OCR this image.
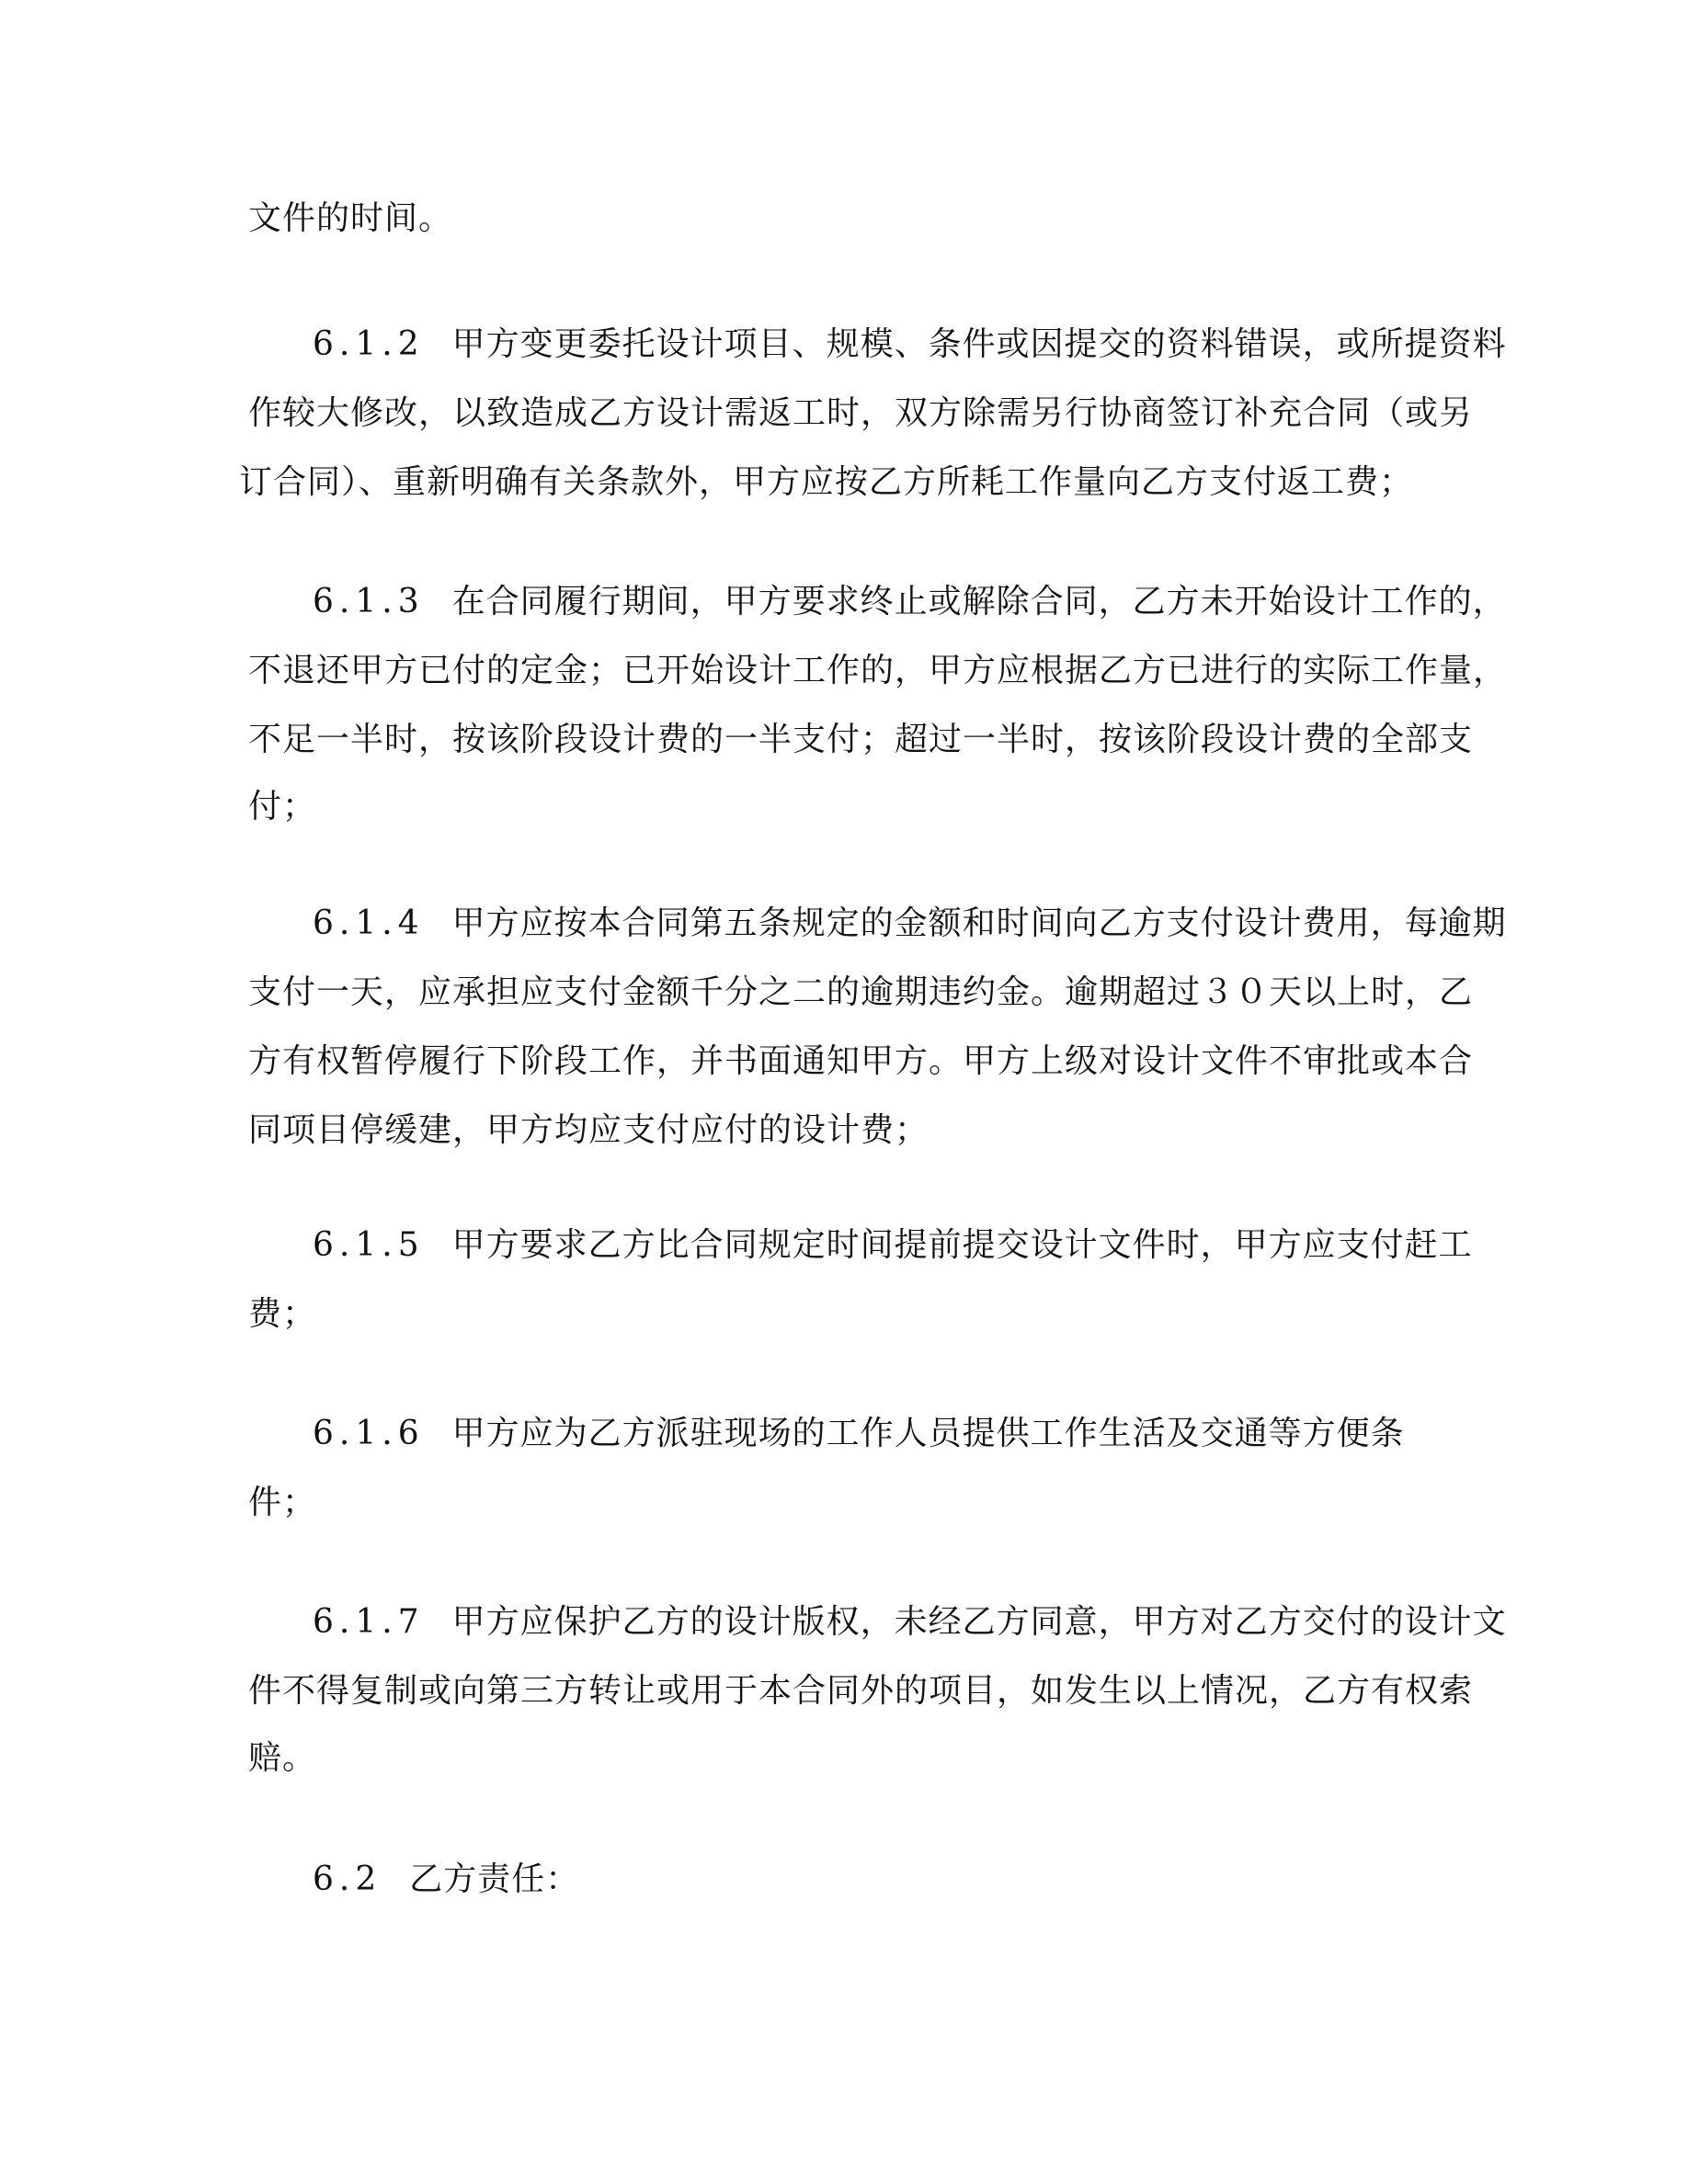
文件的时间。
6.1.2 甲方变更委托设计项目、规模、条件或因提交的资料错误，或所提资料
作较大修改，以致造成乙方设计需返工时，双方除需另行协商签订补充合同（或另
订合同）、重新明确有关条款外，甲方应按乙方所耗工作量向乙方支付返工费；
6.1.3 在合同履行期间，甲方要求终止或解除合同，乙方未开始设计工作的，
不退还甲方已付的定金；已开始设计工作的，甲方应根据乙方已进行的实际工作量，
不足一半时，按该阶段设计费的一半支付；超过一半时，按该阶段设计费的全部支
付；
6.1.4 甲方应按本合同第五条规定的金额和时间向乙方支付设计费用，每逾期
支付一天，应承担应支付金额千分之二的逾期违约金。逾期超过３０天以上时，乙
方有权暂停履行下阶段工作，并书面通知甲方。甲方上级对设计文件不审批或本合
同项目停缓建，甲方均应支付应付的设计费；
6.1.5 甲方要求乙方比合同规定时间提前提交设计文件时，甲方应支付赶工
费；
6.1.6 甲方应为乙方派驻现场的工作人员提供工作生活及交通等方便条
件；
6.1.7 甲方应保护乙方的设计版权，未经乙方同意，甲方对乙方交付的设计文
件不得复制或向第三方转让或用于本合同外的项目，如发生以上情况，乙方有权索
赔。
6.2 乙方责任：
